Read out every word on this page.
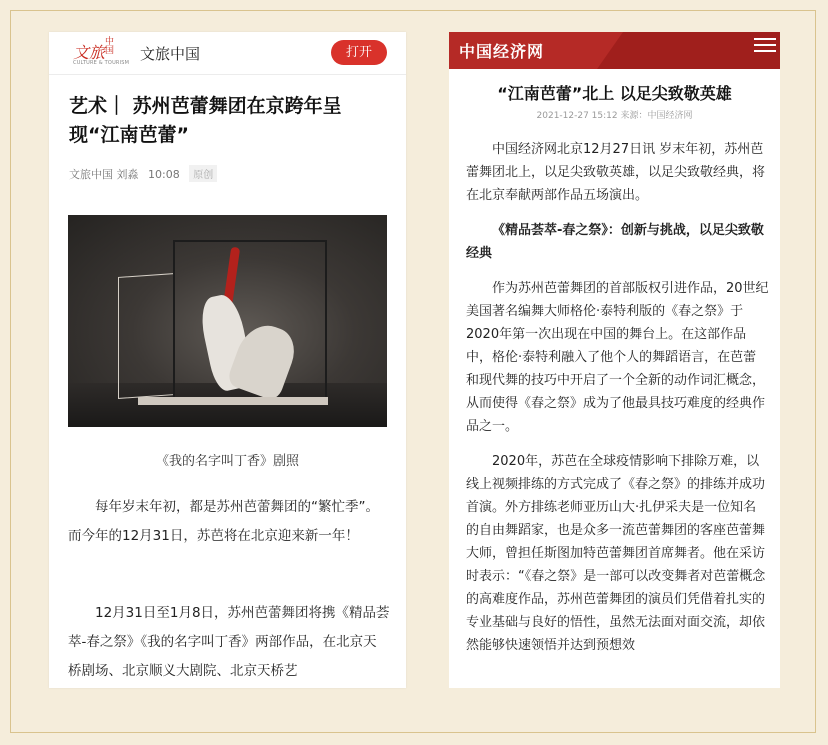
文旅
中国
CULTURE & TOURISM 文旅中国	打开
艺术｜ 苏州芭蕾舞团在京跨年呈现“江南芭蕾”
文旅中国 刘淼 10:08 原创
《我的名字叫丁香》剧照
每年岁末年初，都是苏州芭蕾舞团的“繁忙季”。而今年的12月31日，苏芭将在北京迎来新一年！
12月31日至1月8日，苏州芭蕾舞团将携《精品荟萃-春之祭》《我的名字叫丁香》两部作品，在北京天桥剧场、北京顺义大剧院、北京天桥艺
中国经济网
“江南芭蕾”北上 以足尖致敬英雄
2021-12-27 15:12 来源：中国经济网

中国经济网北京12月27日讯 岁末年初，苏州芭蕾舞团北上，以足尖致敬英雄，以足尖致敬经典，将在北京奉献两部作品五场演出。

《精品荟萃-春之祭》：创新与挑战，以足尖致敬经典

作为苏州芭蕾舞团的首部版权引进作品，20世纪美国著名编舞大师格伦·泰特利版的《春之祭》于2020年第一次出现在中国的舞台上。在这部作品中，格伦·泰特利融入了他个人的舞蹈语言，在芭蕾和现代舞的技巧中开启了一个全新的动作词汇概念，从而使得《春之祭》成为了他最具技巧难度的经典作品之一。

2020年，苏芭在全球疫情影响下排除万难，以线上视频排练的方式完成了《春之祭》的排练并成功首演。外方排练老师亚历山大·扎伊采夫是一位知名的自由舞蹈家，也是众多一流芭蕾舞团的客座芭蕾舞大师，曾担任斯图加特芭蕾舞团首席舞者。他在采访时表示：“《春之祭》是一部可以改变舞者对芭蕾概念的高难度作品，苏州芭蕾舞团的演员们凭借着扎实的专业基础与良好的悟性，虽然无法面对面交流，却依然能够快速领悟并达到预想效
